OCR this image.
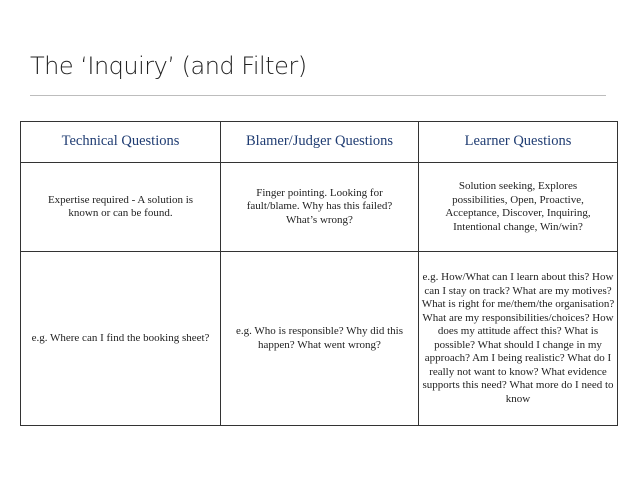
The ‘Inquiry’ (and Filter)
Technical Questions	Blamer/Judger Questions	Learner Questions
Expertise required - A solution is known or can be found.	Finger pointing. Looking for fault/blame. Why has this failed? What’s wrong?	Solution seeking, Explores possibilities, Open, Proactive, Acceptance, Discover, Inquiring, Intentional change, Win/win?
e.g. Where can I find the booking sheet?	e.g. Who is responsible? Why did this happen? What went wrong?	e.g. How/What can I learn about this? How can I stay on track? What are my motives? What is right for me/them/the organisation? What are my responsibilities/choices? How does my attitude affect this? What is possible? What should I change in my approach? Am I being realistic? What do I really not want to know? What evidence supports this need? What more do I need to know
